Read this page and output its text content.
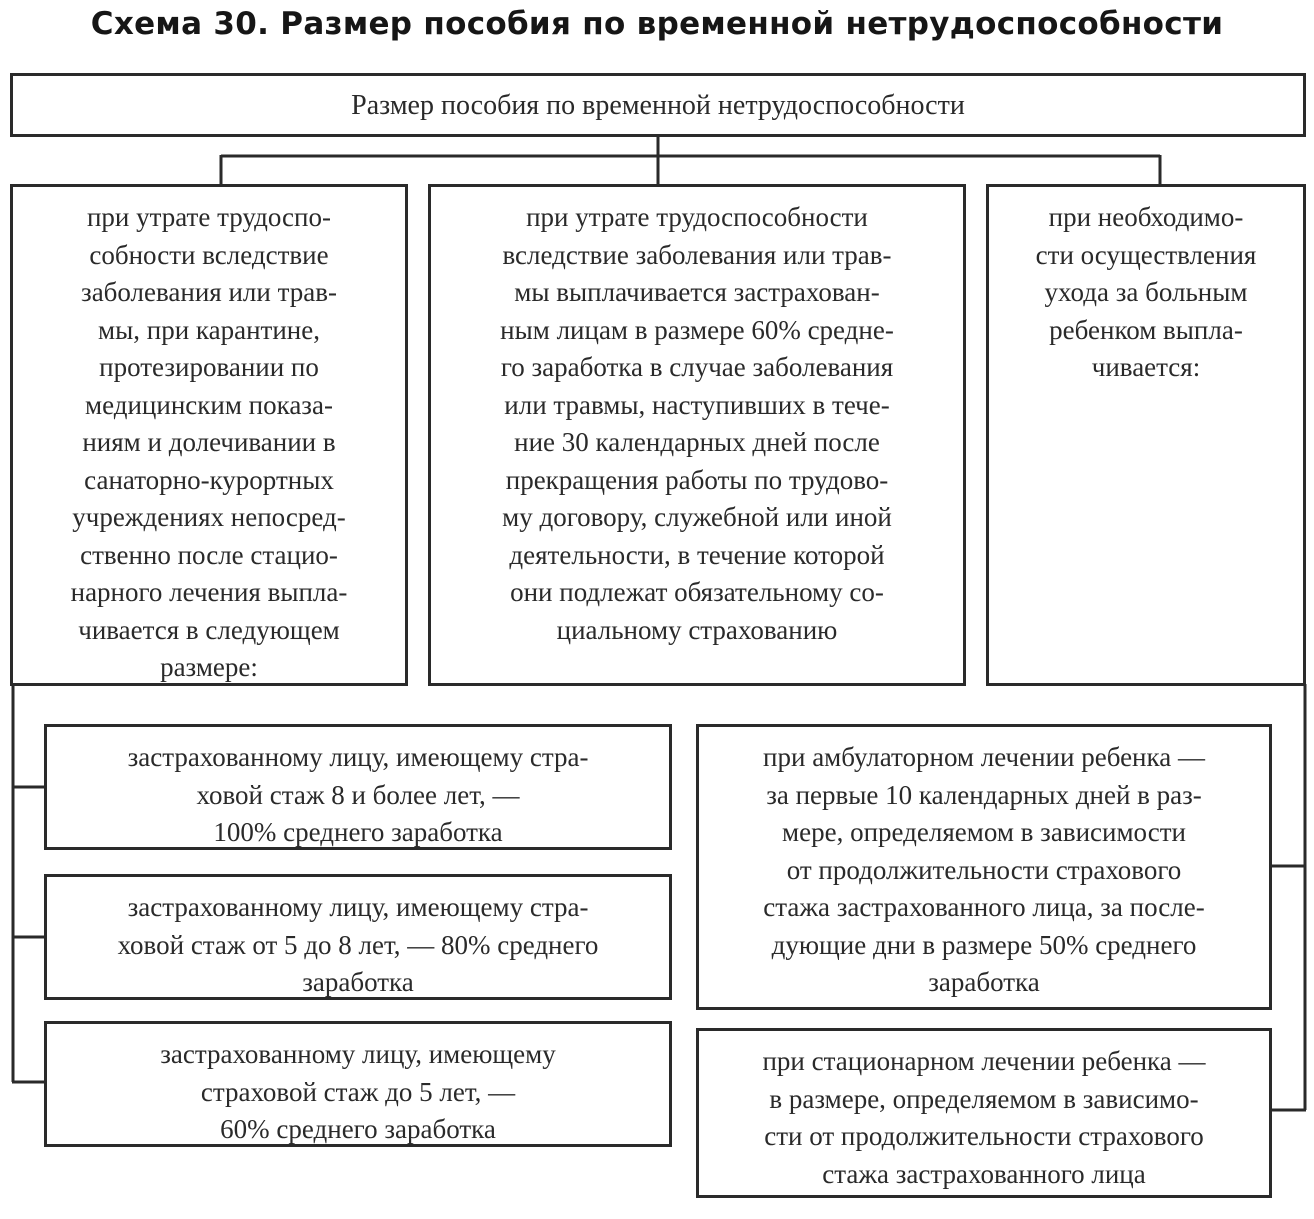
Схема 30. Размер пособия по временной нетрудоспособности
Размер пособия по временной нетрудоспособности
при утрате трудоспо-
собности вследствие
заболевания или трав-
мы, при карантине,
протезировании по
медицинским показа-
ниям и долечивании в
санаторно-курортных
учреждениях непосред-
ственно после стацио-
нарного лечения выпла-
чивается в следующем
размере:
при утрате трудоспособности
вследствие заболевания или трав-
мы выплачивается застрахован-
ным лицам в размере 60% средне-
го заработка в случае заболевания
или травмы, наступивших в тече-
ние 30 календарных дней после
прекращения работы по трудово-
му договору, служебной или иной
деятельности, в течение которой
они подлежат обязательному со-
циальному страхованию
при необходимо-
сти осуществления
ухода за больным
ребенком выпла-
чивается:
застрахованному лицу, имеющему стра-
ховой стаж 8 и более лет, —
100% среднего заработка
застрахованному лицу, имеющему стра-
ховой стаж от 5 до 8 лет, — 80% среднего
заработка
застрахованному лицу, имеющему
страховой стаж до 5 лет, —
60% среднего заработка
при амбулаторном лечении ребенка —
за первые 10 календарных дней в раз-
мере, определяемом в зависимости
от продолжительности страхового
стажа застрахованного лица, за после-
дующие дни в размере 50% среднего
заработка
при стационарном лечении ребенка —
в размере, определяемом в зависимо-
сти от продолжительности страхового
стажа застрахованного лица
